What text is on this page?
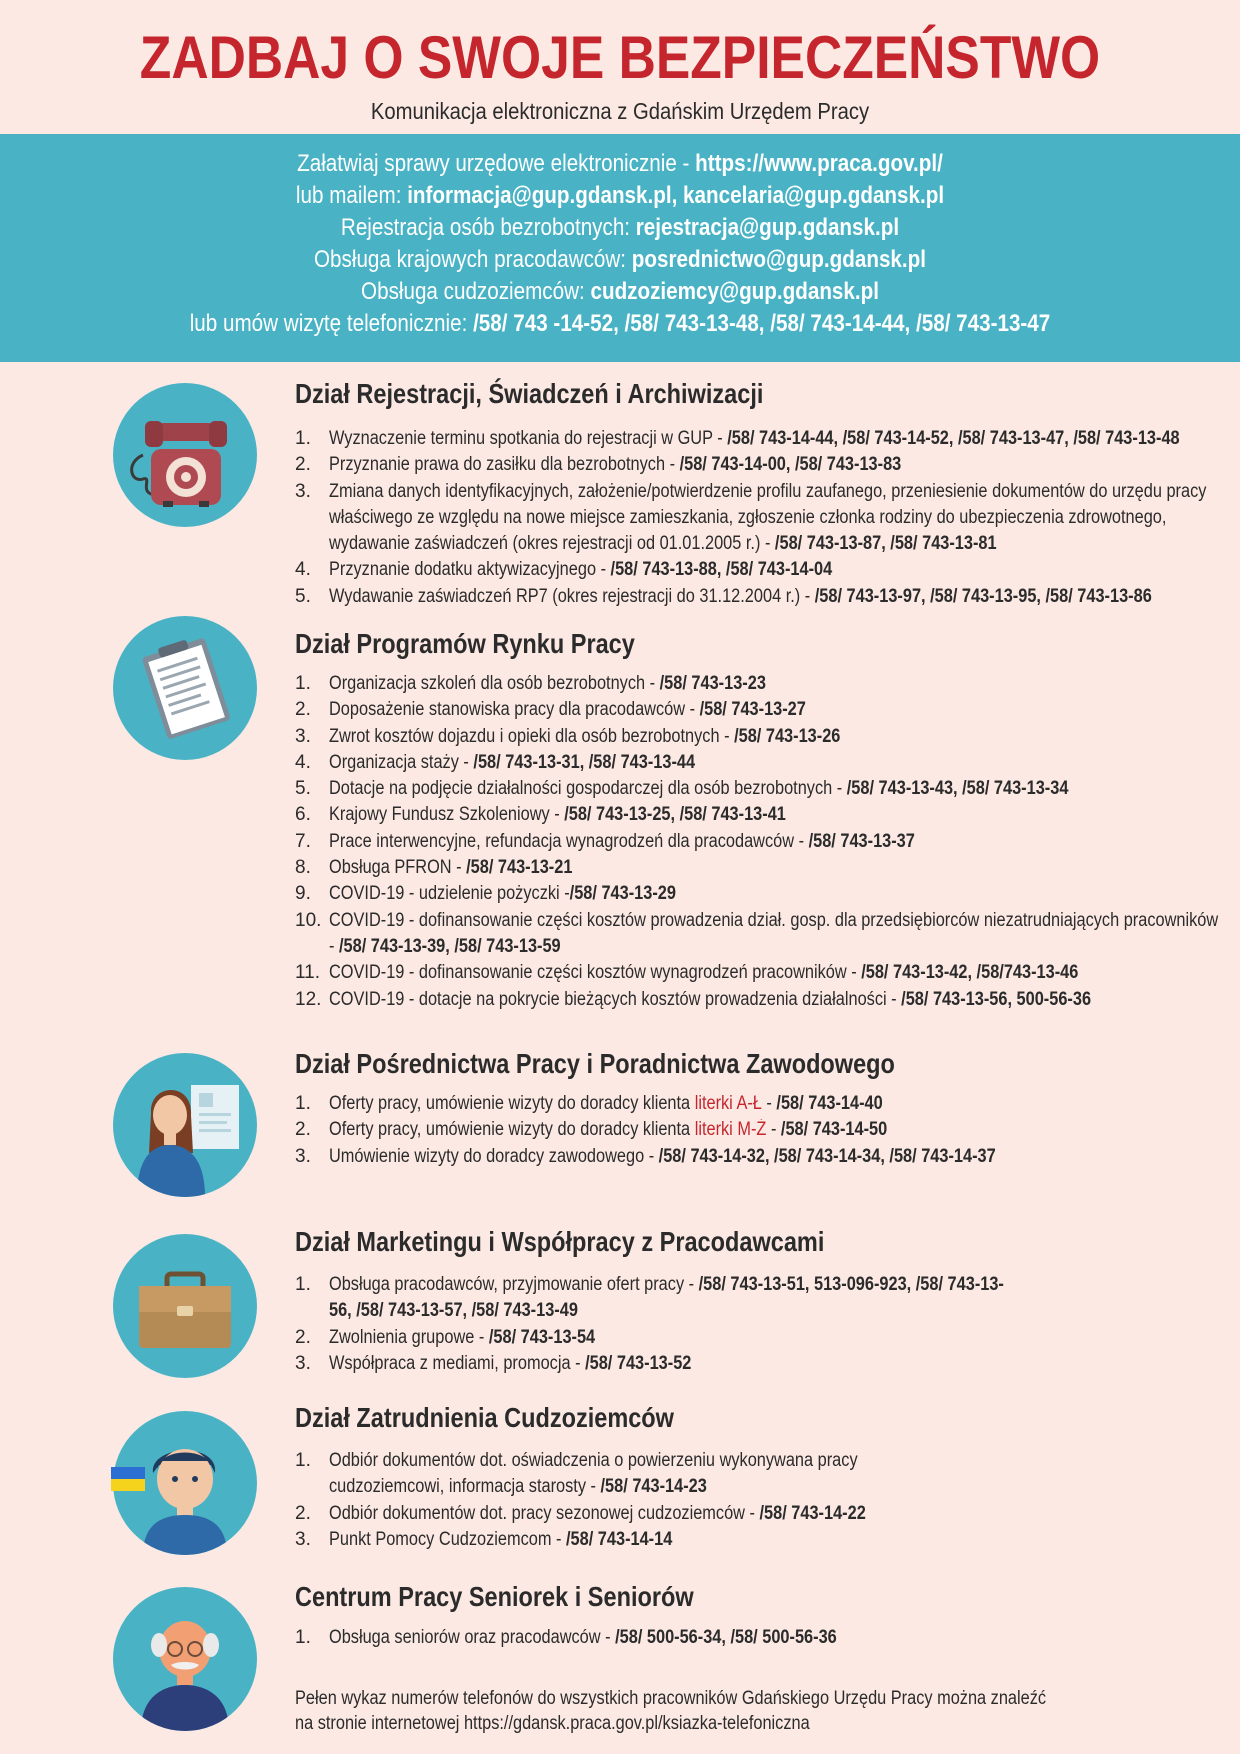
ZADBAJ O SWOJE BEZPIECZEŃSTWO
Komunikacja elektroniczna z Gdańskim Urzędem Pracy
Załatwiaj sprawy urzędowe elektronicznie - https://www.praca.gov.pl/
lub mailem: informacja@gup.gdansk.pl, kancelaria@gup.gdansk.pl
Rejestracja osób bezrobotnych: rejestracja@gup.gdansk.pl
Obsługa krajowych pracodawców: posrednictwo@gup.gdansk.pl
Obsługa cudzoziemców: cudzoziemcy@gup.gdansk.pl
lub umów wizytę telefonicznie: /58/ 743 -14-52, /58/ 743-13-48, /58/ 743-14-44, /58/ 743-13-47
Dział Rejestracji, Świadczeń i Archiwizacji
1. Wyznaczenie terminu spotkania do rejestracji w GUP - /58/ 743-14-44, /58/ 743-14-52, /58/ 743-13-47, /58/ 743-13-48
2. Przyznanie prawa do zasiłku dla bezrobotnych - /58/ 743-14-00, /58/ 743-13-83
3. Zmiana danych identyfikacyjnych, założenie/potwierdzenie profilu zaufanego, przeniesienie dokumentów do urzędu pracy właściwego ze względu na nowe miejsce zamieszkania, zgłoszenie członka rodziny do ubezpieczenia zdrowotnego, wydawanie zaświadczeń (okres rejestracji od 01.01.2005 r.) - /58/ 743-13-87, /58/ 743-13-81
4. Przyznanie dodatku aktywizacyjnego - /58/ 743-13-88, /58/ 743-14-04
5. Wydawanie zaświadczeń RP7 (okres rejestracji do 31.12.2004 r.) - /58/ 743-13-97, /58/ 743-13-95, /58/ 743-13-86
Dział Programów Rynku Pracy
1. Organizacja szkoleń dla osób bezrobotnych - /58/ 743-13-23
2. Doposażenie stanowiska pracy dla pracodawców - /58/ 743-13-27
3. Zwrot kosztów dojazdu i opieki dla osób bezrobotnych - /58/ 743-13-26
4. Organizacja staży - /58/ 743-13-31, /58/ 743-13-44
5. Dotacje na podjęcie działalności gospodarczej dla osób bezrobotnych - /58/ 743-13-43, /58/ 743-13-34
6. Krajowy Fundusz Szkoleniowy - /58/ 743-13-25, /58/ 743-13-41
7. Prace interwencyjne, refundacja wynagrodzeń dla pracodawców - /58/ 743-13-37
8. Obsługa PFRON - /58/ 743-13-21
9. COVID-19 - udzielenie pożyczki -/58/ 743-13-29
10. COVID-19 - dofinansowanie części kosztów prowadzenia dział. gosp. dla przedsiębiorców niezatrudniających pracowników - /58/ 743-13-39, /58/ 743-13-59
11. COVID-19 - dofinansowanie części kosztów wynagrodzeń pracowników - /58/ 743-13-42, /58/743-13-46
12. COVID-19 - dotacje na pokrycie bieżących kosztów prowadzenia działalności - /58/ 743-13-56, 500-56-36
Dział Pośrednictwa Pracy i Poradnictwa Zawodowego
1. Oferty pracy, umówienie wizyty do doradcy klienta literki A-Ł - /58/ 743-14-40
2. Oferty pracy, umówienie wizyty do doradcy klienta literki M-Ż - /58/ 743-14-50
3. Umówienie wizyty do doradcy zawodowego - /58/ 743-14-32, /58/ 743-14-34, /58/ 743-14-37
Dział Marketingu i Współpracy z Pracodawcami
1. Obsługa pracodawców, przyjmowanie ofert pracy - /58/ 743-13-51, 513-096-923, /58/ 743-13-56, /58/ 743-13-57, /58/ 743-13-49
2. Zwolnienia grupowe - /58/ 743-13-54
3. Współpraca z mediami, promocja - /58/ 743-13-52
Dział Zatrudnienia Cudzoziemców
1. Odbiór dokumentów dot. oświadczenia o powierzeniu wykonywana pracy cudzoziemcowi, informacja starosty - /58/ 743-14-23
2. Odbiór dokumentów dot. pracy sezonowej cudzoziemców - /58/ 743-14-22
3. Punkt Pomocy Cudzoziemcom - /58/ 743-14-14
Centrum Pracy Seniorek i Seniorów
1. Obsługa seniorów oraz pracodawców - /58/ 500-56-34, /58/ 500-56-36
Pełen wykaz numerów telefonów do wszystkich pracowników Gdańskiego Urzędu Pracy można znaleźć
na stronie internetowej https://gdansk.praca.gov.pl/ksiazka-telefoniczna
